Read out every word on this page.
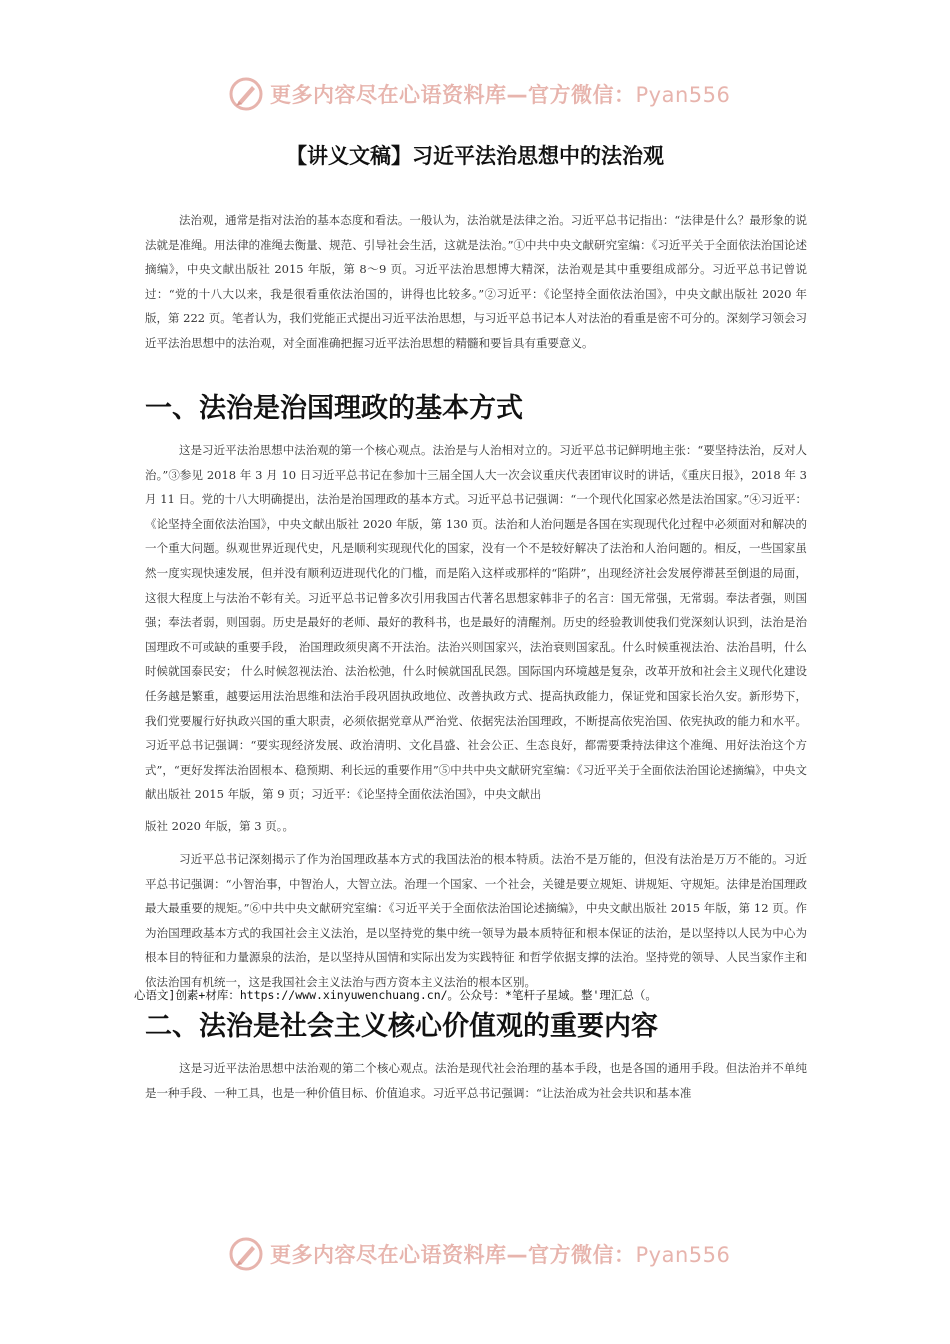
更多内容尽在心语资料库—官方微信：Pyan556
【讲义文稿】习近平法治思想中的法治观

法治观，通常是指对法治的基本态度和看法。一般认为，法治就是法律之治。习近平总书记指出：“法律是什么？最形象的说法就是准绳。用法律的准绳去衡量、规范、引导社会生活，这就是法治。”①中共中央文献研究室编：《习近平关于全面依法治国论述摘编》，中央文献出版社 2015 年版，第 8～9 页。习近平法治思想博大精深，法治观是其中重要组成部分。习近平总书记曾说过：“党的十八大以来，我是很看重依法治国的，讲得也比较多。”②习近平：《论坚持全面依法治国》，中央文献出版社 2020 年版，第 222 页。笔者认为，我们党能正式提出习近平法治思想，与习近平总书记本人对法治的看重是密不可分的。深刻学习领会习近平法治思想中的法治观，对全面准确把握习近平法治思想的精髓和要旨具有重要意义。

一、法治是治国理政的基本方式

这是习近平法治思想中法治观的第一个核心观点。法治是与人治相对立的。习近平总书记鲜明地主张：“要坚持法治，反对人治。”③参见 2018 年 3 月 10 日习近平总书记在参加十三届全国人大一次会议重庆代表团审议时的讲话，《重庆日报》，2018 年 3 月 11 日。党的十八大明确提出，法治是治国理政的基本方式。习近平总书记强调：“一个现代化国家必然是法治国家。”④习近平：《论坚持全面依法治国》，中央文献出版社 2020 年版，第 130 页。法治和人治问题是各国在实现现代化过程中必须面对和解决的一个重大问题。纵观世界近现代史，凡是顺利实现现代化的国家，没有一个不是较好解决了法治和人治问题的。相反，一些国家虽然一度实现快速发展，但并没有顺利迈进现代化的门槛，而是陷入这样或那样的“陷阱”，出现经济社会发展停滞甚至倒退的局面，这很大程度上与法治不彰有关。习近平总书记曾多次引用我国古代著名思想家韩非子的名言：国无常强，无常弱。奉法者强，则国强；奉法者弱，则国弱。历史是最好的老师、最好的教科书，也是最好的清醒剂。历史的经验教训使我们党深刻认识到，法治是治国理政不可或缺的重要手段， 治国理政须臾离不开法治。法治兴则国家兴，法治衰则国家乱。什么时候重视法治、法治昌明，什么时候就国泰民安； 什么时候忽视法治、法治松弛，什么时候就国乱民怨。国际国内环境越是复杂，改革开放和社会主义现代化建设任务越是繁重，越要运用法治思维和法治手段巩固执政地位、改善执政方式、提高执政能力，保证党和国家长治久安。新形势下，我们党要履行好执政兴国的重大职责，必须依据党章从严治党、依据宪法治国理政，不断提高依宪治国、依宪执政的能力和水平。习近平总书记强调：“要实现经济发展、政治清明、文化昌盛、社会公正、生态良好，都需要秉持法律这个准绳、用好法治这个方式”，“更好发挥法治固根本、稳预期、利长远的重要作用”⑤中共中央文献研究室编：《习近平关于全面依法治国论述摘编》，中央文献出版社 2015 年版，第 9 页；习近平：《论坚持全面依法治国》，中央文献出

版社 2020 年版，第 3 页。。

习近平总书记深刻揭示了作为治国理政基本方式的我国法治的根本特质。法治不是万能的，但没有法治是万万不能的。习近平总书记强调：“小智治事，中智治人，大智立法。治理一个国家、一个社会，关键是要立规矩、讲规矩、守规矩。法律是治国理政最大最重要的规矩。”⑥中共中央文献研究室编：《习近平关于全面依法治国论述摘编》，中央文献出版社 2015 年版，第 12 页。作为治国理政基本方式的我国社会主义法治，是以坚持党的集中统一领导为最本质特征和根本保证的法治，是以坚持以人民为中心为根本目的特征和力量源泉的法治，是以坚持从国情和实际出发为实践特征 和哲学依据支撑的法治。坚持党的领导、人民当家作主和依法治国有机统一，这是我国社会主义法治与西方资本主义法治的根本区别。

心语文]创素+材库：https://www.xinyuwenchuang.cn/。公众号：*笔杆子星域。整'理汇总（。
二、法治是社会主义核心价值观的重要内容

这是习近平法治思想中法治观的第二个核心观点。法治是现代社会治理的基本手段，也是各国的通用手段。但法治并不单纯是一种手段、一种工具，也是一种价值目标、价值追求。习近平总书记强调：“让法治成为社会共识和基本准

更多内容尽在心语资料库—官方微信：Pyan556
